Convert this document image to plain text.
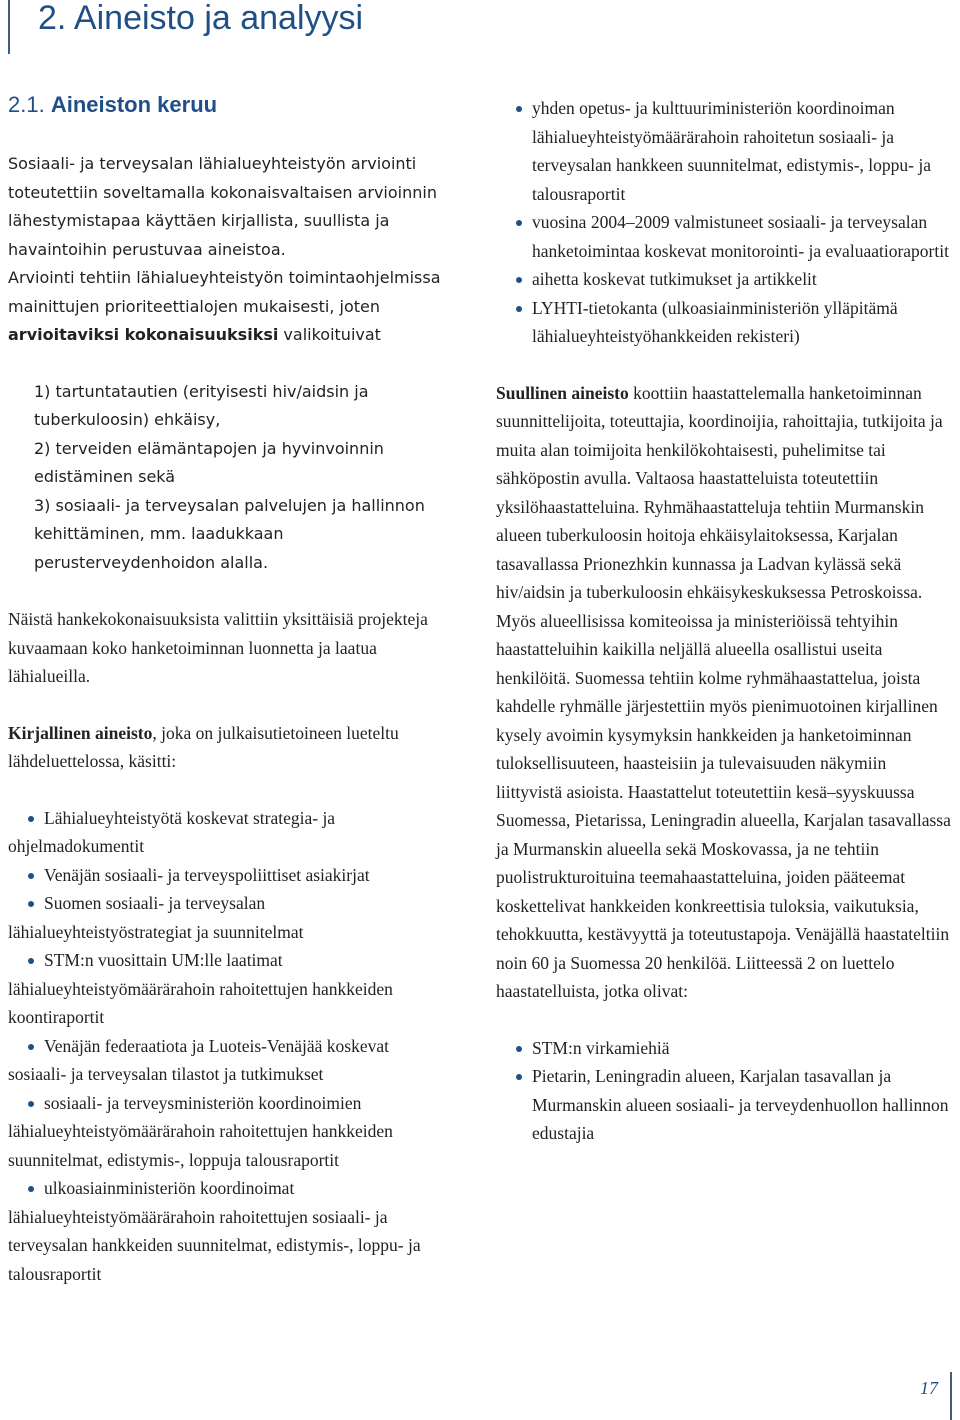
2. Aineisto ja analyysi
2.1. Aineiston keruu

Sosiaali- ja terveysalan lähialueyhteistyön arviointi toteutettiin soveltamalla kokonaisvaltaisen arvioinnin lähestymistapaa käyttäen kirjallista, suullista ja havaintoihin perustuvaa aineistoa.

Arviointi tehtiin lähialueyhteistyön toimintaohjelmissa mainittujen prioriteettialojen mukaisesti, joten arvioitaviksi kokonaisuuksiksi valikoituivat

1) tartuntatautien (erityisesti hiv/aidsin ja tuberkuloosin) ehkäisy,
2) terveiden elämäntapojen ja hyvinvoinnin edistäminen sekä
3) sosiaali- ja terveysalan palvelujen ja hallinnon kehittäminen, mm. laadukkaan perusterveydenhoidon alalla.

Näistä hankekokonaisuuksista valittiin yksittäisiä projekteja kuvaamaan koko hanketoiminnan luonnetta ja laatua lähialueilla.

Kirjallinen aineisto, joka on julkaisutietoineen lueteltu lähdeluettelossa, käsitti:

Lähialueyhteistyötä koskevat strategia- ja ohjelmadokumentit
Venäjän sosiaali- ja terveyspoliittiset asiakirjat
Suomen sosiaali- ja terveysalan lähialueyhteistyöstrategiat ja suunnitelmat
STM:n vuosittain UM:lle laatimat lähialueyhteistyömäärärahoin rahoitettujen hankkeiden koontiraportit
Venäjän federaatiota ja Luoteis-Venäjää koskevat sosiaali- ja terveysalan tilastot ja tutkimukset
sosiaali- ja terveysministeriön koordinoimien lähialueyhteistyömäärärahoin rahoitettujen hankkeiden suunnitelmat, edistymis-, loppuja talousraportit
ulkoasiainministeriön koordinoimat lähialueyhteistyömäärärahoin rahoitettujen sosiaali- ja terveysalan hankkeiden suunnitelmat, edistymis-, loppu- ja talousraportit
yhden opetus- ja kulttuuriministeriön koordinoiman lähialueyhteistyömäärärahoin rahoitetun sosiaali- ja terveysalan hankkeen suunnitelmat, edistymis-, loppu- ja talousraportit
vuosina 2004–2009 valmistuneet sosiaali- ja terveysalan hanketoimintaa koskevat monitorointi- ja evaluaatioraportit
aihetta koskevat tutkimukset ja artikkelit
LYHTI-tietokanta (ulkoasiainministeriön ylläpitämä lähialueyhteistyöhankkeiden rekisteri)

Suullinen aineisto koottiin haastattelemalla hanketoiminnan suunnittelijoita, toteuttajia, koordinoijia, rahoittajia, tutkijoita ja muita alan toimijoita henkilökohtaisesti, puhelimitse tai sähköpostin avulla. Valtaosa haastatteluista toteutettiin yksilöhaastatteluina. Ryhmähaastatteluja tehtiin Murmanskin alueen tuberkuloosin hoitoja ehkäisylaitoksessa, Karjalan tasavallassa Prionezhkin kunnassa ja Ladvan kylässä sekä hiv/aidsin ja tuberkuloosin ehkäisykeskuksessa Petroskoissa. Myös alueellisissa komiteoissa ja ministeriöissä tehtyihin haastatteluihin kaikilla neljällä alueella osallistui useita henkilöitä. Suomessa tehtiin kolme ryhmähaastattelua, joista kahdelle ryhmälle järjestettiin myös pienimuotoinen kirjallinen kysely avoimin kysymyksin hankkeiden ja hanketoiminnan tuloksellisuuteen, haasteisiin ja tulevaisuuden näkymiin liittyvistä asioista. Haastattelut toteutettiin kesä–syyskuussa Suomessa, Pietarissa, Leningradin alueella, Karjalan tasavallassa ja Murmanskin alueella sekä Moskovassa, ja ne tehtiin puolistrukturoituina teemahaastatteluina, joiden pääteemat koskettelivat hankkeiden konkreettisia tuloksia, vaikutuksia, tehokkuutta, kestävyyttä ja toteutustapoja. Venäjällä haastateltiin noin 60 ja Suomessa 20 henkilöä. Liitteessä 2 on luettelo haastatelluista, jotka olivat:

STM:n virkamiehiä
Pietarin, Leningradin alueen, Karjalan tasavallan ja Murmanskin alueen sosiaali- ja terveydenhuollon hallinnon edustajia
17
